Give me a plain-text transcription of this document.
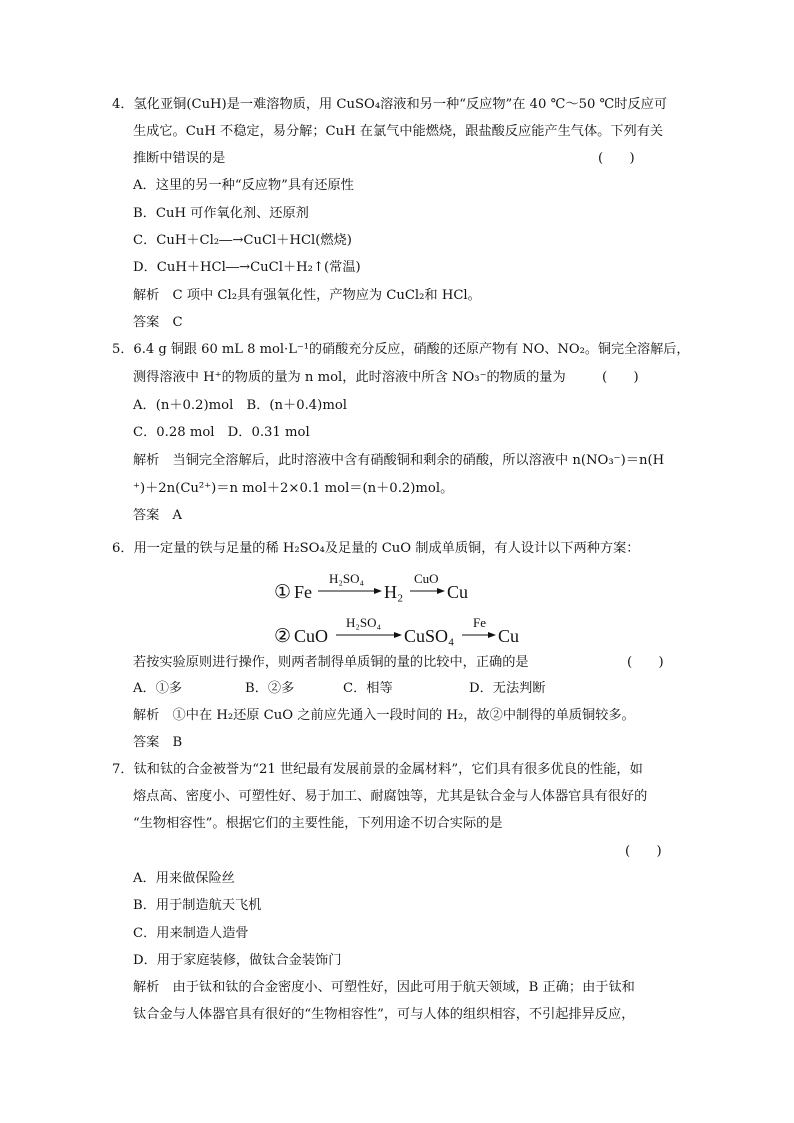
4．氢化亚铜(CuH)是一难溶物质，用 CuSO₄溶液和另一种“反应物”在 40 ℃～50 ℃时反应可
生成它。CuH 不稳定，易分解；CuH 在氯气中能燃烧，跟盐酸反应能产生气体。下列有关
推断中错误的是	(　　)
A．这里的另一种“反应物”具有还原性
B．CuH 可作氧化剂、还原剂
C．CuH＋Cl₂―→CuCl＋HCl(燃烧)
D．CuH＋HCl―→CuCl＋H₂↑(常温)
解析　C 项中 Cl₂具有强氧化性，产物应为 CuCl₂和 HCl。
答案　C
5．6.4 g 铜跟 60 mL 8 mol·L⁻¹的硝酸充分反应，硝酸的还原产物有 NO、NO₂。铜完全溶解后，
测得溶液中 H⁺的物质的量为 n mol，此时溶液中所含 NO₃⁻的物质的量为	(　　)
A．(n＋0.2)mol　B．(n＋0.4)mol
C．0.28 mol　D．0.31 mol
解析　当铜完全溶解后，此时溶液中含有硝酸铜和剩余的硝酸，所以溶液中 n(NO₃⁻)＝n(H
⁺)＋2n(Cu²⁺)＝n mol＋2×0.1 mol＝(n＋0.2)mol。
答案　A
6．用一定量的铁与足量的稀 H₂SO₄及足量的 CuO 制成单质铜，有人设计以下两种方案：
① Fe
H₂SO₄
H₂
CuO
Cu
② CuO
H₂SO₄
CuSO₄
Fe
Cu
若按实验原则进行操作，则两者制得单质铜的量的比较中，正确的是	(　　)
A．①多	B．②多	C．相等	D．无法判断
解析　①中在 H₂还原 CuO 之前应先通入一段时间的 H₂，故②中制得的单质铜较多。
答案　B
7．钛和钛的合金被誉为“21 世纪最有发展前景的金属材料”，它们具有很多优良的性能，如
熔点高、密度小、可塑性好、易于加工、耐腐蚀等，尤其是钛合金与人体器官具有很好的
“生物相容性”。根据它们的主要性能，下列用途不切合实际的是
(　　)
A．用来做保险丝
B．用于制造航天飞机
C．用来制造人造骨
D．用于家庭装修，做钛合金装饰门
解析　由于钛和钛的合金密度小、可塑性好，因此可用于航天领域，B 正确；由于钛和
钛合金与人体器官具有很好的“生物相容性”，可与人体的组织相容，不引起排异反应，
